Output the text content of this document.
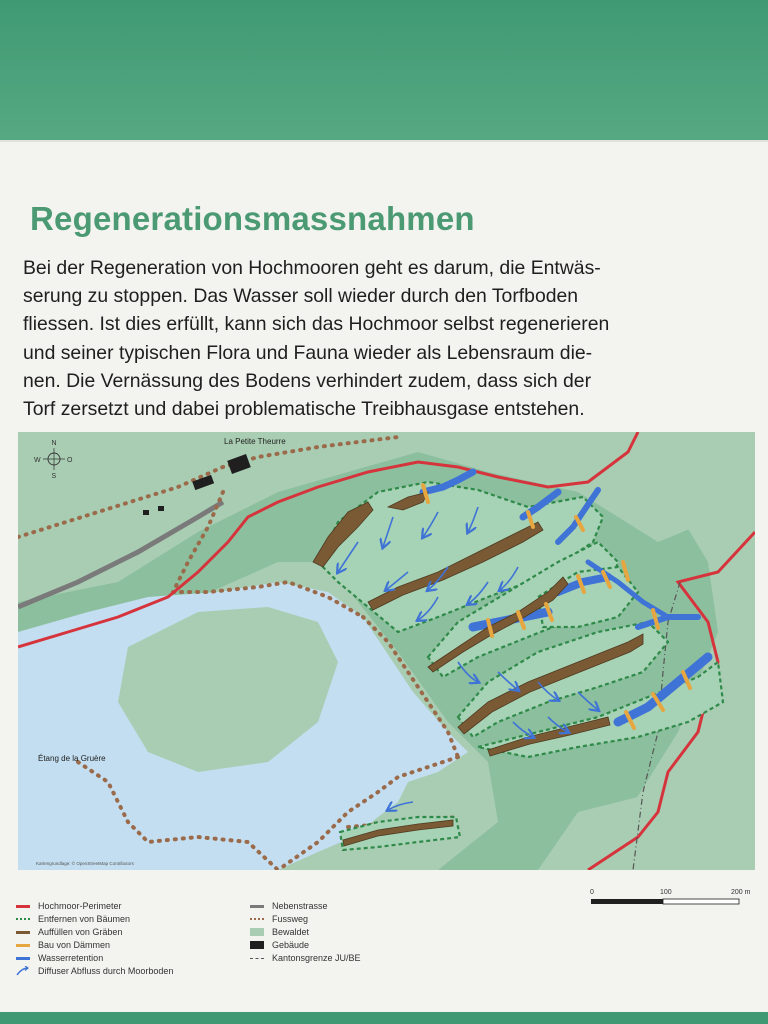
Regenerationsmassnahmen
Bei der Regeneration von Hochmooren geht es darum, die Entwäs-
serung zu stoppen. Das Wasser soll wieder durch den Torfboden
fliessen. Ist dies erfüllt, kann sich das Hochmoor selbst regenerieren
und seiner typischen Flora und Fauna wieder als Lebensraum die-
nen. Die Vernässung des Bodens verhindert zudem, dass sich der
Torf zersetzt und dabei problematische Treibhausgase entstehen.
N
S
W	O
La Petite Theurre
Étang de la Gruère
Kartengrundlage: © OpenStreetMap Contributors
Hochmoor-Perimeter
Entfernen von Bäumen
Auffüllen von Gräben
Bau von Dämmen
Wasserretention
Diffuser Abfluss durch Moorboden
Nebenstrasse
Fussweg
Bewaldet
Gebäude
Kantonsgrenze JU/BE
0	100	200 m
